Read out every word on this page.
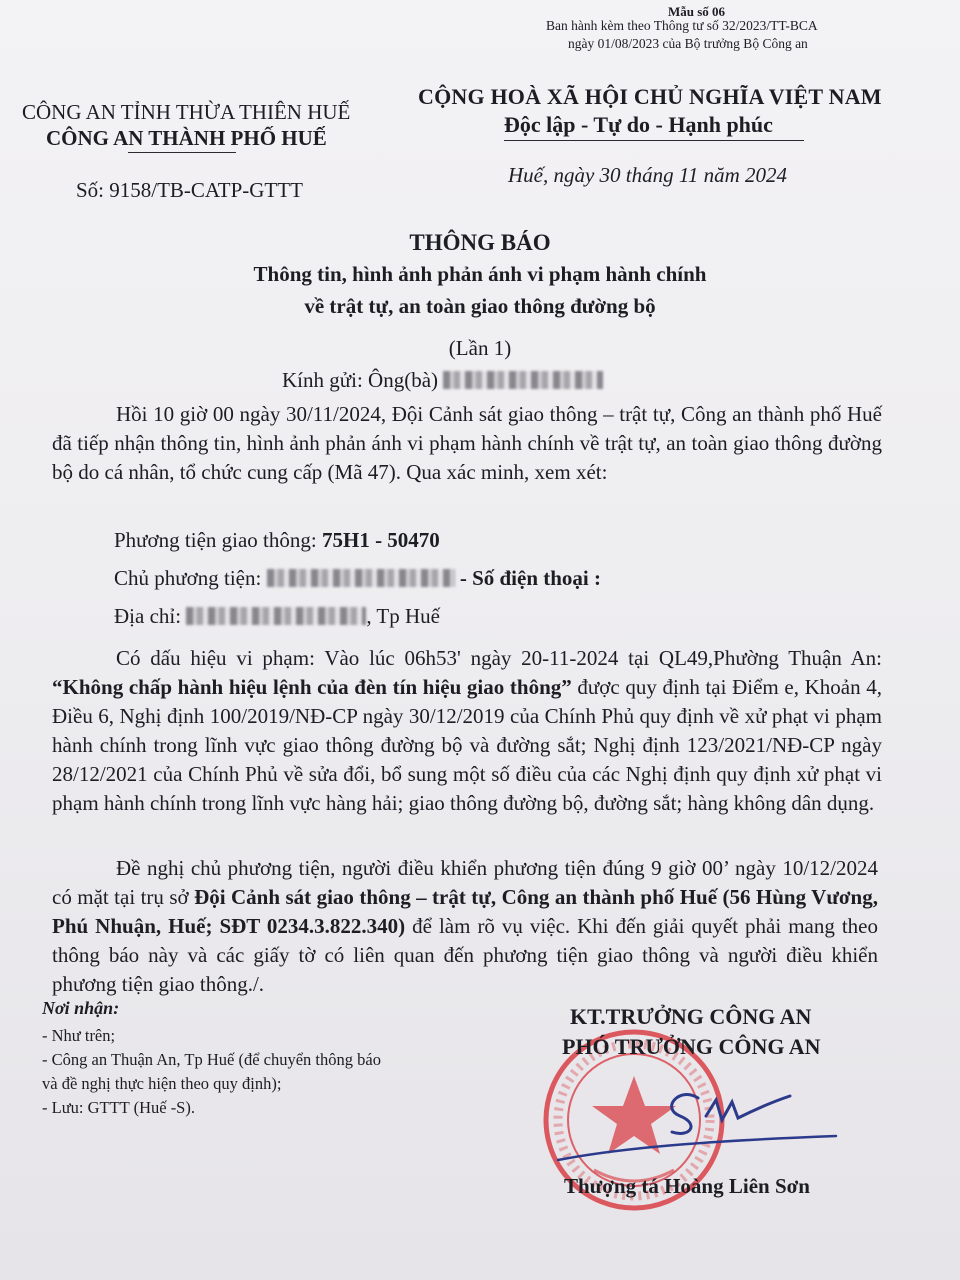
Mẫu số 06
Ban hành kèm theo Thông tư số 32/2023/TT-BCA
ngày 01/08/2023 của Bộ trưởng Bộ Công an
CÔNG AN TỈNH THỪA THIÊN HUẾ
CÔNG AN THÀNH PHỐ HUẾ
Số: 9158/TB-CATP-GTTT
CỘNG HOÀ XÃ HỘI CHỦ NGHĨA VIỆT NAM
Độc lập - Tự do - Hạnh phúc
Huế, ngày 30 tháng 11 năm 2024
THÔNG BÁO
Thông tin, hình ảnh phản ánh vi phạm hành chính
về trật tự, an toàn giao thông đường bộ
(Lần 1)
Kính gửi: Ông(bà)
Hồi 10 giờ 00 ngày 30/11/2024, Đội Cảnh sát giao thông – trật tự, Công an thành phố Huế đã tiếp nhận thông tin, hình ảnh phản ánh vi phạm hành chính về trật tự, an toàn giao thông đường bộ do cá nhân, tổ chức cung cấp (Mã 47). Qua xác minh, xem xét:
Phương tiện giao thông: 75H1 - 50470
Chủ phương tiện:	- Số điện thoại :
Địa chỉ:	, Tp Huế
Có dấu hiệu vi phạm: Vào lúc 06h53' ngày 20-11-2024 tại QL49,Phường Thuận An: “Không chấp hành hiệu lệnh của đèn tín hiệu giao thông” được quy định tại Điểm e, Khoản 4, Điều 6, Nghị định 100/2019/NĐ-CP ngày 30/12/2019 của Chính Phủ quy định về xử phạt vi phạm hành chính trong lĩnh vực giao thông đường bộ và đường sắt; Nghị định 123/2021/NĐ-CP ngày 28/12/2021 của Chính Phủ về sửa đổi, bổ sung một số điều của các Nghị định quy định xử phạt vi phạm hành chính trong lĩnh vực hàng hải; giao thông đường bộ, đường sắt; hàng không dân dụng.
Đề nghị chủ phương tiện, người điều khiển phương tiện đúng 9 giờ 00’ ngày 10/12/2024 có mặt tại trụ sở Đội Cảnh sát giao thông – trật tự, Công an thành phố Huế (56 Hùng Vương, Phú Nhuận, Huế; SĐT 0234.3.822.340) để làm rõ vụ việc. Khi đến giải quyết phải mang theo thông báo này và các giấy tờ có liên quan đến phương tiện giao thông và người điều khiển phương tiện giao thông./.
Nơi nhận:
- Như trên;
- Công an Thuận An, Tp Huế (để chuyển thông báo
và đề nghị thực hiện theo quy định);
- Lưu: GTTT (Huế -S).
KT.TRƯỞNG CÔNG AN
PHÓ TRƯỞNG CÔNG AN
Thượng tá Hoàng Liên Sơn
